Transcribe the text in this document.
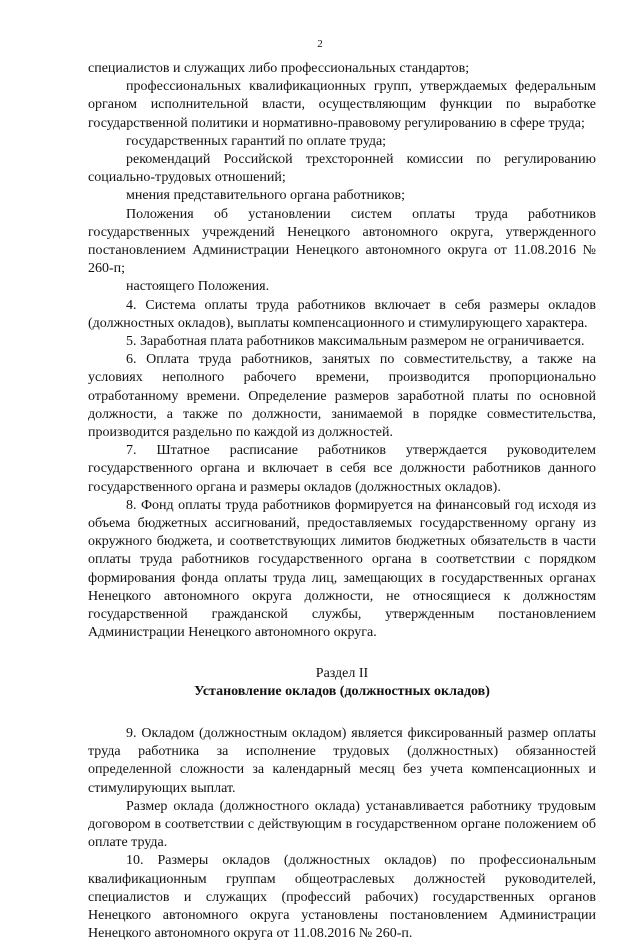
2

специалистов и служащих либо профессиональных стандартов;

профессиональных квалификационных групп, утверждаемых федеральным органом исполнительной власти, осуществляющим функции по выработке государственной политики и нормативно-правовому регулированию в сфере труда;

государственных гарантий по оплате труда;

рекомендаций Российской трехсторонней комиссии по регулированию социально-трудовых отношений;

мнения представительного органа работников;

Положения об установлении систем оплаты труда работников государственных учреждений Ненецкого автономного округа, утвержденного постановлением Администрации Ненецкого автономного округа от 11.08.2016 № 260-п;

настоящего Положения.

4. Система оплаты труда работников включает в себя размеры окладов (должностных окладов), выплаты компенсационного и стимулирующего характера.

5. Заработная плата работников максимальным размером не ограничивается.

6. Оплата труда работников, занятых по совместительству, а также на условиях неполного рабочего времени, производится пропорционально отработанному времени. Определение размеров заработной платы по основной должности, а также по должности, занимаемой в порядке совместительства, производится раздельно по каждой из должностей.

7. Штатное расписание работников утверждается руководителем государственного органа и включает в себя все должности работников данного государственного органа и размеры окладов (должностных окладов).

8. Фонд оплаты труда работников формируется на финансовый год исходя из объема бюджетных ассигнований, предоставляемых государственному органу из окружного бюджета, и соответствующих лимитов бюджетных обязательств в части оплаты труда работников государственного органа в соответствии с порядком формирования фонда оплаты труда лиц, замещающих в государственных органах Ненецкого автономного округа должности, не относящиеся к должностям государственной гражданской службы, утвержденным постановлением Администрации Ненецкого автономного округа.

Раздел II

Установление окладов (должностных окладов)

9. Окладом (должностным окладом) является фиксированный размер оплаты труда работника за исполнение трудовых (должностных) обязанностей определенной сложности за календарный месяц без учета компенсационных и стимулирующих выплат.

Размер оклада (должностного оклада) устанавливается работнику трудовым договором в соответствии с действующим в государственном органе положением об оплате труда.

10. Размеры окладов (должностных окладов) по профессиональным квалификационным группам общеотраслевых должностей руководителей, специалистов и служащих (профессий рабочих) государственных органов Ненецкого автономного округа установлены постановлением Администрации Ненецкого автономного округа от 11.08.2016 № 260-п.
